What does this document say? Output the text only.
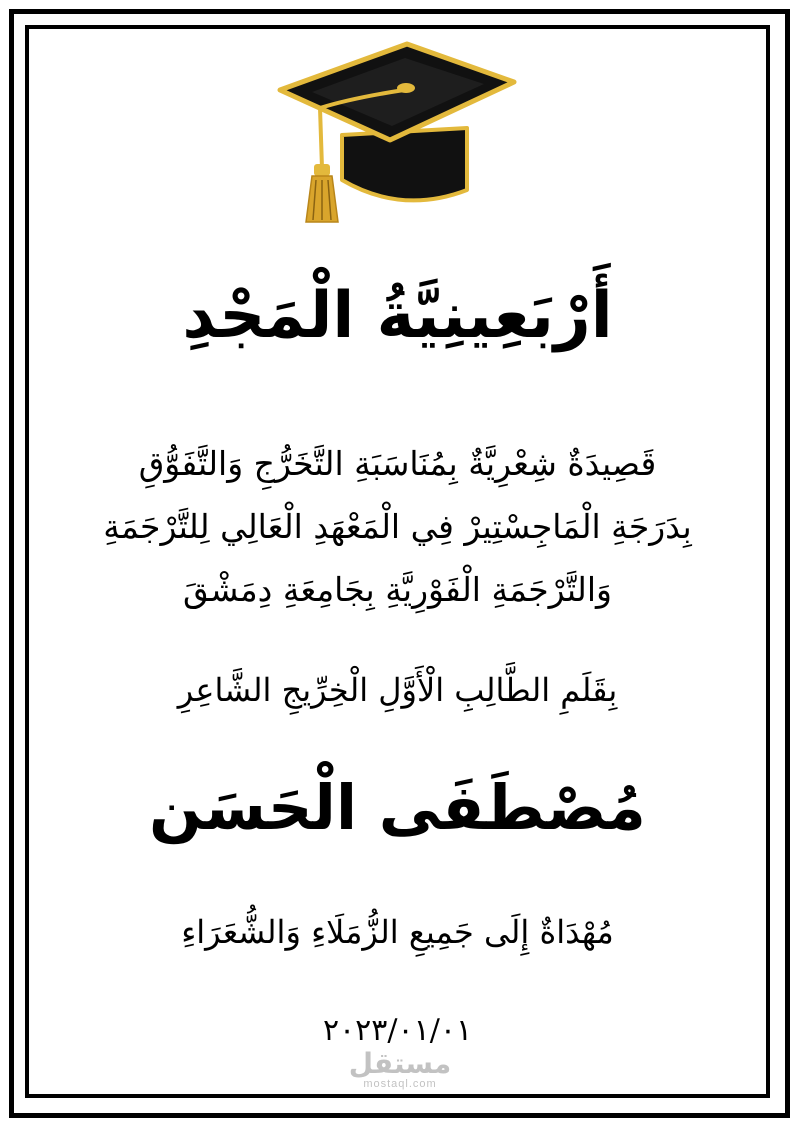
أَرْبَعِينِيَّةُ الْمَجْدِ
قَصِيدَةٌ شِعْرِيَّةٌ بِمُنَاسَبَةِ التَّخَرُّجِ وَالتَّفَوُّقِ
بِدَرَجَةِ الْمَاجِسْتِيرْ فِي الْمَعْهَدِ الْعَالِي لِلتَّرْجَمَةِ
وَالتَّرْجَمَةِ الْفَوْرِيَّةِ بِجَامِعَةِ دِمَشْقَ
بِقَلَمِ الطَّالِبِ الْأَوَّلِ الْخِرِّيجِ الشَّاعِرِ
مُصْطَفَى الْحَسَن
مُهْدَاةٌ إِلَى جَمِيعِ الزُّمَلَاءِ وَالشُّعَرَاءِ
٢٠٢٣/٠١/٠١
مستقل
mostaql.com
